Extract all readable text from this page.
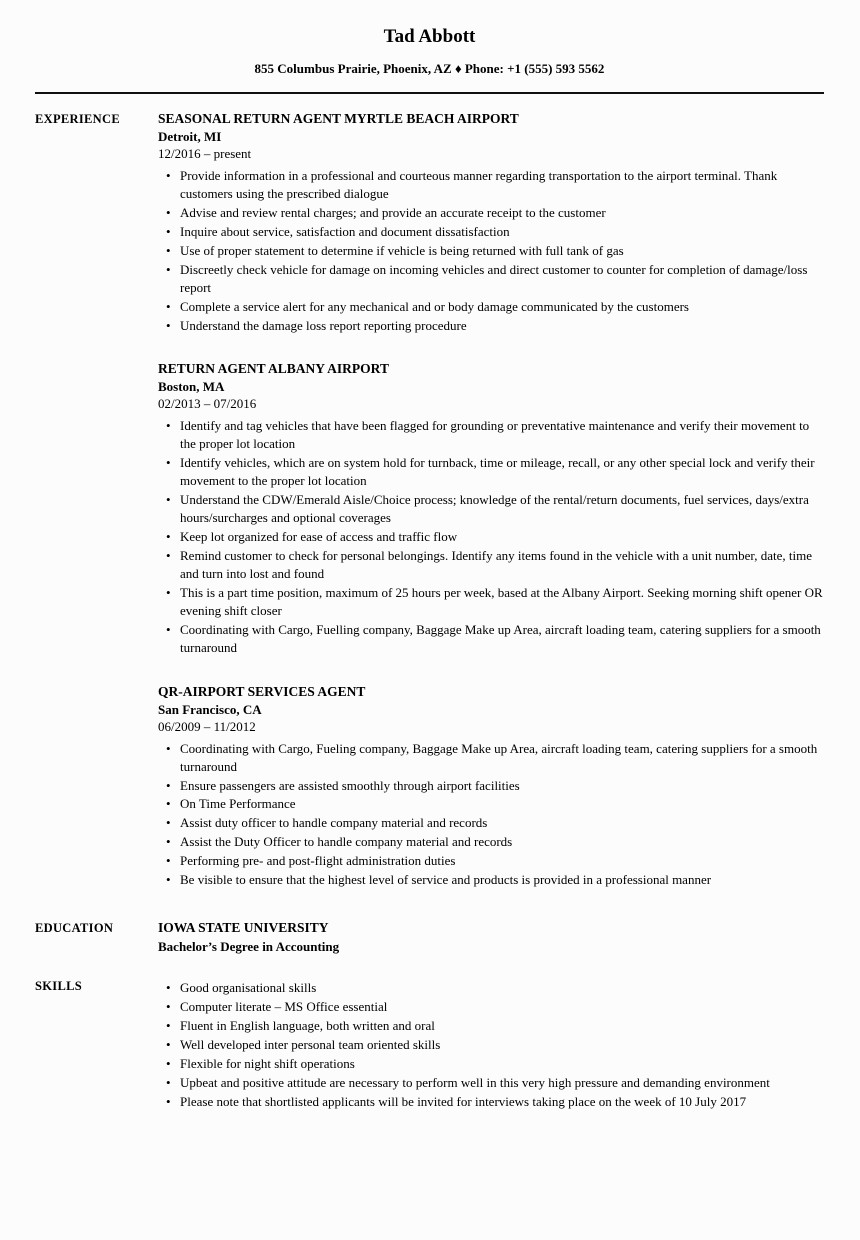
Tad Abbott
855 Columbus Prairie, Phoenix, AZ ♦ Phone: +1 (555) 593 5562
EXPERIENCE	SEASONAL RETURN AGENT MYRTLE BEACH AIRPORT
Detroit, MI
12/2016 – present
• Provide information in a professional and courteous manner regarding transportation to the airport terminal. Thank customers using the prescribed dialogue
• Advise and review rental charges; and provide an accurate receipt to the customer
• Inquire about service, satisfaction and document dissatisfaction
• Use of proper statement to determine if vehicle is being returned with full tank of gas
• Discreetly check vehicle for damage on incoming vehicles and direct customer to counter for completion of damage/loss report
• Complete a service alert for any mechanical and or body damage communicated by the customers
• Understand the damage loss report reporting procedure
RETURN AGENT ALBANY AIRPORT
Boston, MA
02/2013 – 07/2016
• Identify and tag vehicles that have been flagged for grounding or preventative maintenance and verify their movement to the proper lot location
• Identify vehicles, which are on system hold for turnback, time or mileage, recall, or any other special lock and verify their movement to the proper lot location
• Understand the CDW/Emerald Aisle/Choice process; knowledge of the rental/return documents, fuel services, days/extra hours/surcharges and optional coverages
• Keep lot organized for ease of access and traffic flow
• Remind customer to check for personal belongings. Identify any items found in the vehicle with a unit number, date, time and turn into lost and found
• This is a part time position, maximum of 25 hours per week, based at the Albany Airport. Seeking morning shift opener OR evening shift closer
• Coordinating with Cargo, Fuelling company, Baggage Make up Area, aircraft loading team, catering suppliers for a smooth turnaround
QR-AIRPORT SERVICES AGENT
San Francisco, CA
06/2009 – 11/2012
• Coordinating with Cargo, Fueling company, Baggage Make up Area, aircraft loading team, catering suppliers for a smooth turnaround
• Ensure passengers are assisted smoothly through airport facilities
• On Time Performance
• Assist duty officer to handle company material and records
• Assist the Duty Officer to handle company material and records
• Performing pre- and post-flight administration duties
• Be visible to ensure that the highest level of service and products is provided in a professional manner
EDUCATION	IOWA STATE UNIVERSITY
Bachelor’s Degree in Accounting
SKILLS	• Good organisational skills
• Computer literate – MS Office essential
• Fluent in English language, both written and oral
• Well developed inter personal team oriented skills
• Flexible for night shift operations
• Upbeat and positive attitude are necessary to perform well in this very high pressure and demanding environment
• Please note that shortlisted applicants will be invited for interviews taking place on the week of 10 July 2017
